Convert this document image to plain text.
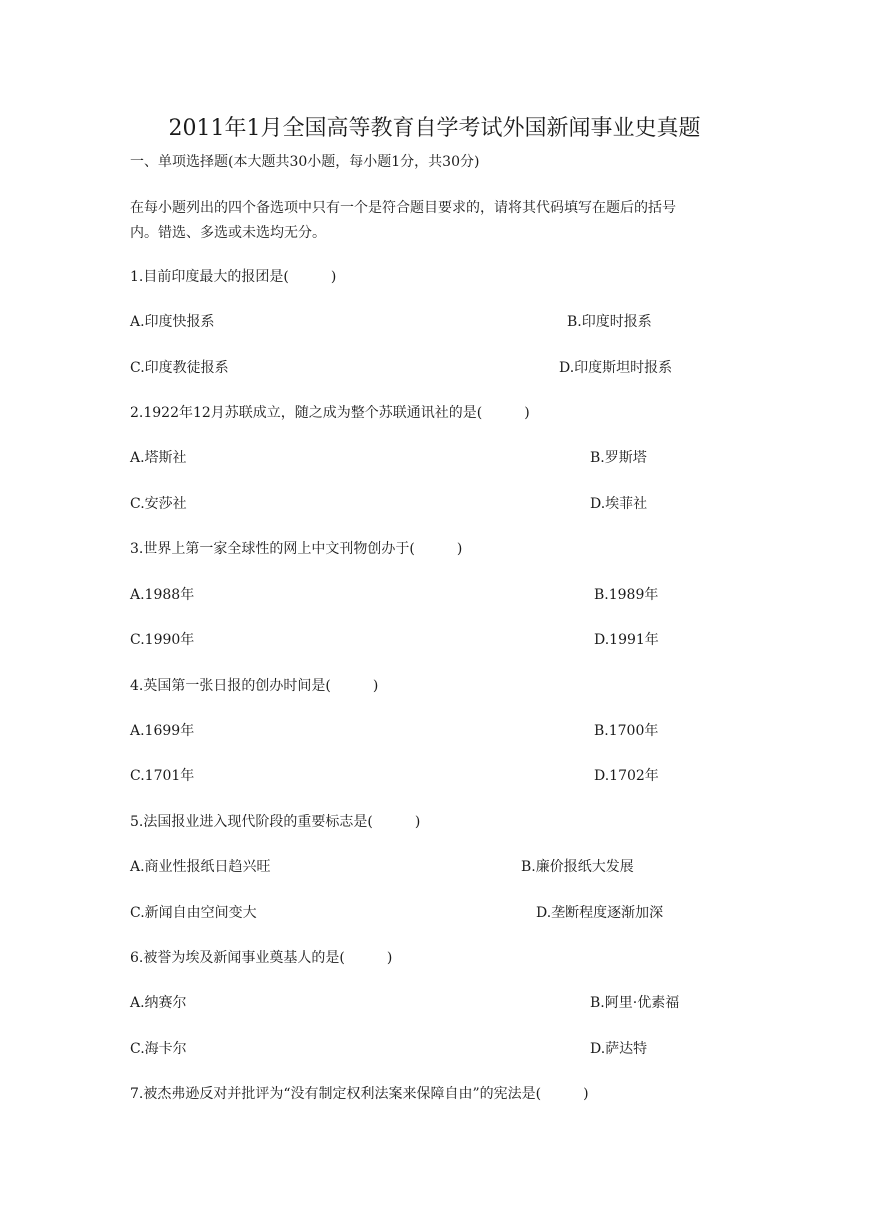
2011年1月全国高等教育自学考试外国新闻事业史真题
一、单项选择题(本大题共30小题，每小题1分，共30分)
在每小题列出的四个备选项中只有一个是符合题目要求的，请将其代码填写在题后的括号
内。错选、多选或未选均无分。
1.目前印度最大的报团是(　　　)
A.印度快报系	B.印度时报系
C.印度教徒报系	D.印度斯坦时报系
2.1922年12月苏联成立，随之成为整个苏联通讯社的是(　　　)
A.塔斯社	B.罗斯塔
C.安莎社	D.埃菲社
3.世界上第一家全球性的网上中文刊物创办于(　　　)
A.1988年	B.1989年
C.1990年	D.1991年
4.英国第一张日报的创办时间是(　　　)
A.1699年	B.1700年
C.1701年	D.1702年
5.法国报业进入现代阶段的重要标志是(　　　)
A.商业性报纸日趋兴旺	B.廉价报纸大发展
C.新闻自由空间变大	D.垄断程度逐渐加深
6.被誉为埃及新闻事业奠基人的是(　　　)
A.纳赛尔	B.阿里·优素福
C.海卡尔	D.萨达特
7.被杰弗逊反对并批评为“没有制定权利法案来保障自由”的宪法是(　　　)
